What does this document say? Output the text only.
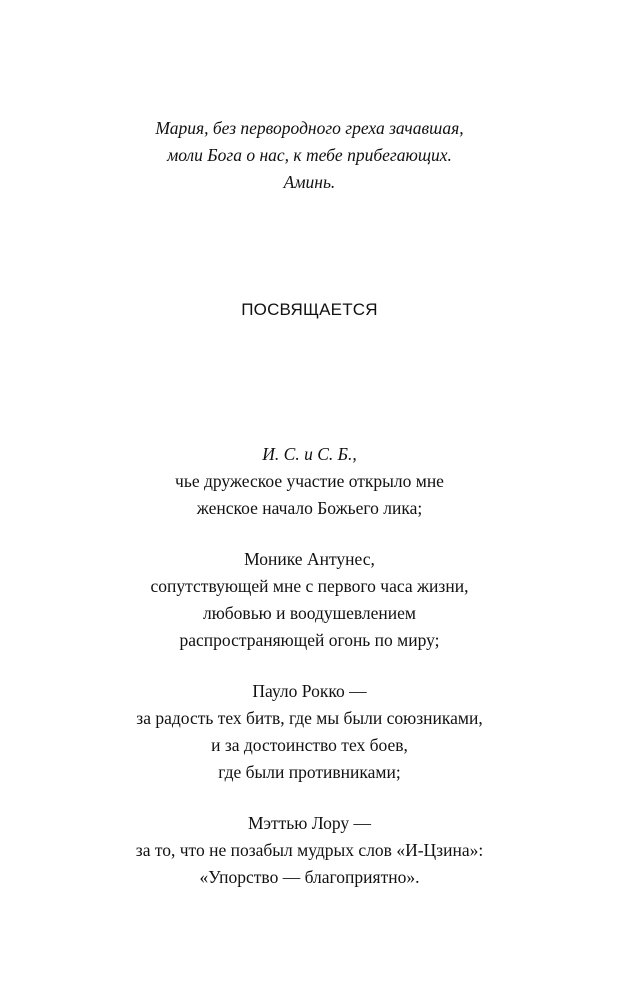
Мария, без первородного греха зачавшая,
моли Бога о нас, к тебе прибегающих.
Аминь.
ПОСВЯЩАЕТСЯ
И. С. и С. Б.,
чье дружеское участие открыло мне
женское начало Божьего лика;
Монике Антунес,
сопутствующей мне с первого часа жизни,
любовью и воодушевлением
распространяющей огонь по миру;
Пауло Рокко —
за радость тех битв, где мы были союзниками,
и за достоинство тех боев,
где были противниками;
Мэттью Лору —
за то, что не позабыл мудрых слов «И-Цзина»:
«Упорство — благоприятно».
